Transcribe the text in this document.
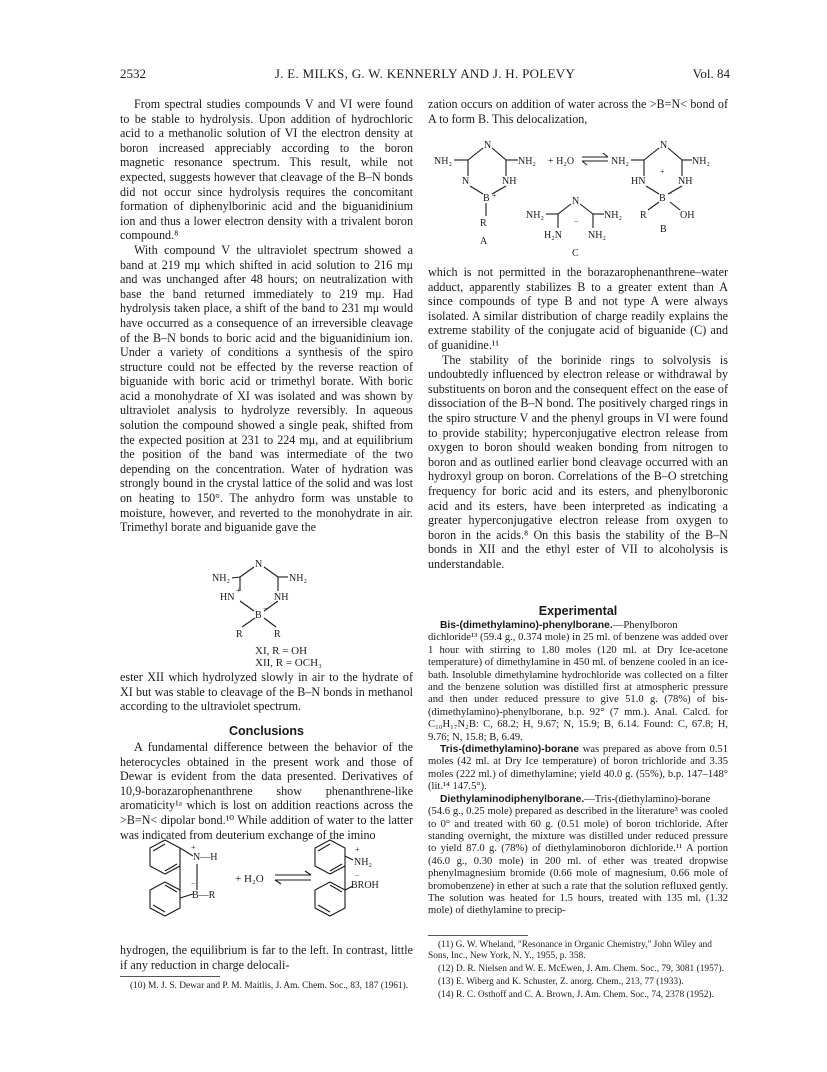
2532	J. E. MILKS, G. W. KENNERLY AND J. H. POLEVY	Vol. 84

From spectral studies compounds V and VI were found to be stable to hydrolysis. Upon addition of hydrochloric acid to a methanolic solution of VI the electron density at boron increased appreciably according to the boron magnetic resonance spectrum. This result, while not expected, suggests however that cleavage of the B–N bonds did not occur since hydrolysis requires the concomitant formation of diphenylborinic acid and the biguanidinium ion and thus a lower electron density with a trivalent boron compound.⁸

With compound V the ultraviolet spectrum showed a band at 219 mμ which shifted in acid solution to 216 mμ and was unchanged after 48 hours; on neutralization with base the band returned immediately to 219 mμ. Had hydrolysis taken place, a shift of the band to 231 mμ would have occurred as a consequence of an irreversible cleavage of the B–N bonds to boric acid and the biguanidinium ion. Under a variety of conditions a synthesis of the spiro structure could not be effected by the reverse reaction of biguanide with boric acid or trimethyl borate. With boric acid a monohydrate of XI was isolated and was shown by ultraviolet analysis to hydrolyze reversibly. In aqueous solution the compound showed a single peak, shifted from the expected position at 231 to 224 mμ, and at equilibrium the position of the band was intermediate of the two depending on the concentration. Water of hydration was strongly bound in the crystal lattice of the solid and was lost on heating to 150°. The anhydro form was unstable to moisture, however, and reverted to the monohydrate in air. Trimethyl borate and biguanide gave the

N
NH₂	NH₂
HN
+
NH
B
−
R	R
XI, R = OH
XII, R = OCH₃

ester XII which hydrolyzed slowly in air to the hydrate of XI but was stable to cleavage of the B–N bonds in methanol according to the ultraviolet spectrum.

Conclusions

A fundamental difference between the behavior of the heterocycles obtained in the present work and those of Dewar is evident from the data presented. Derivatives of 10,9-borazarophenanthrene show phenanthrene-like aromaticity¹ᵃ which is lost on addition reactions across the >B=N< dipolar bond.¹⁰ While addition of water to the latter was indicated from deuterium exchange of the imino

N—H
+
B—R
−	+ H₂O
NH₂
+
BROH
−

hydrogen, the equilibrium is far to the left. In contrast, little if any reduction in charge delocali-

(10) M. J. S. Dewar and P. M. Maitlis, J. Am. Chem. Soc., 83, 187 (1961).

zation occurs on addition of water across the >B=N< bond of A to form B. This delocalization,

NH₂
N
NH₂
N	NH
B +
R
A
+ H₂O	NH₂
N
NH₂
HN
+
NH
B −
R	OH
B
NH₂
N
NH₂
−
H₂N	NH₂
C

which is not permitted in the borazarophenanthrene–water adduct, apparently stabilizes B to a greater extent than A since compounds of type B and not type A were always isolated. A similar distribution of charge readily explains the extreme stability of the conjugate acid of biguanide (C) and of guanidine.¹¹

The stability of the borinide rings to solvolysis is undoubtedly influenced by electron release or withdrawal by substituents on boron and the consequent effect on the ease of dissociation of the B–N bond. The positively charged rings in the spiro structure V and the phenyl groups in VI were found to provide stability; hyperconjugative electron release from oxygen to boron should weaken bonding from nitrogen to boron and as outlined earlier bond cleavage occurred with an hydroxyl group on boron. Correlations of the B–O stretching frequency for boric acid and its esters, and phenylboronic acid and its esters, have been interpreted as indicating a greater hyperconjugative electron release from oxygen to boron in the acids.⁸ On this basis the stability of the B–N bonds in XII and the ethyl ester of VII to alcoholysis is understandable.

Experimental

Bis-(dimethylamino)-phenylborane.—Phenylboron dichloride¹³ (59.4 g., 0.374 mole) in 25 ml. of benzene was added over 1 hour with stirring to 1.80 moles (120 ml. at Dry Ice-acetone temperature) of dimethylamine in 450 ml. of benzene cooled in an ice-bath. Insoluble dimethylamine hydrochloride was collected on a filter and the benzene solution was distilled first at atmospheric pressure and then under reduced pressure to give 51.0 g. (78%) of bis-(dimethylamino)-phenylborane, b.p. 92° (7 mm.). Anal. Calcd. for C₁₀H₁₇N₂B: C, 68.2; H, 9.67; N, 15.9; B, 6.14. Found: C, 67.8; H, 9.76; N, 15.8; B, 6.49.

Tris-(dimethylamino)-borane was prepared as above from 0.51 moles (42 ml. at Dry Ice temperature) of boron trichloride and 3.35 moles (222 ml.) of dimethylamine; yield 40.0 g. (55%), b.p. 147–148° (lit.¹⁴ 147.5°).

Diethylaminodiphenylborane.—Tris-(diethylamino)-borane (54.6 g., 0.25 mole) prepared as described in the literature³ was cooled to 0° and treated with 60 g. (0.51 mole) of boron trichloride. After standing overnight, the mixture was distilled under reduced pressure to yield 87.0 g. (78%) of diethylaminoboron dichloride.¹¹ A portion (46.0 g., 0.30 mole) in 200 ml. of ether was treated dropwise phenylmagnesium bromide (0.66 mole of magnesium, 0.66 mole of bromobenzene) in ether at such a rate that the solution refluxed gently. The solution was heated for 1.5 hours, treated with 135 ml. (1.32 mole) of diethylamine to precip-

(11) G. W. Wheland, "Resonance in Organic Chemistry," John Wiley and Sons, Inc., New York, N. Y., 1955, p. 358.

(12) D. R. Nielsen and W. E. McEwen, J. Am. Chem. Soc., 79, 3081 (1957).

(13) E. Wiberg and K. Schuster, Z. anorg. Chem., 213, 77 (1933).

(14) R. C. Osthoff and C. A. Brown, J. Am. Chem. Soc., 74, 2378 (1952).
